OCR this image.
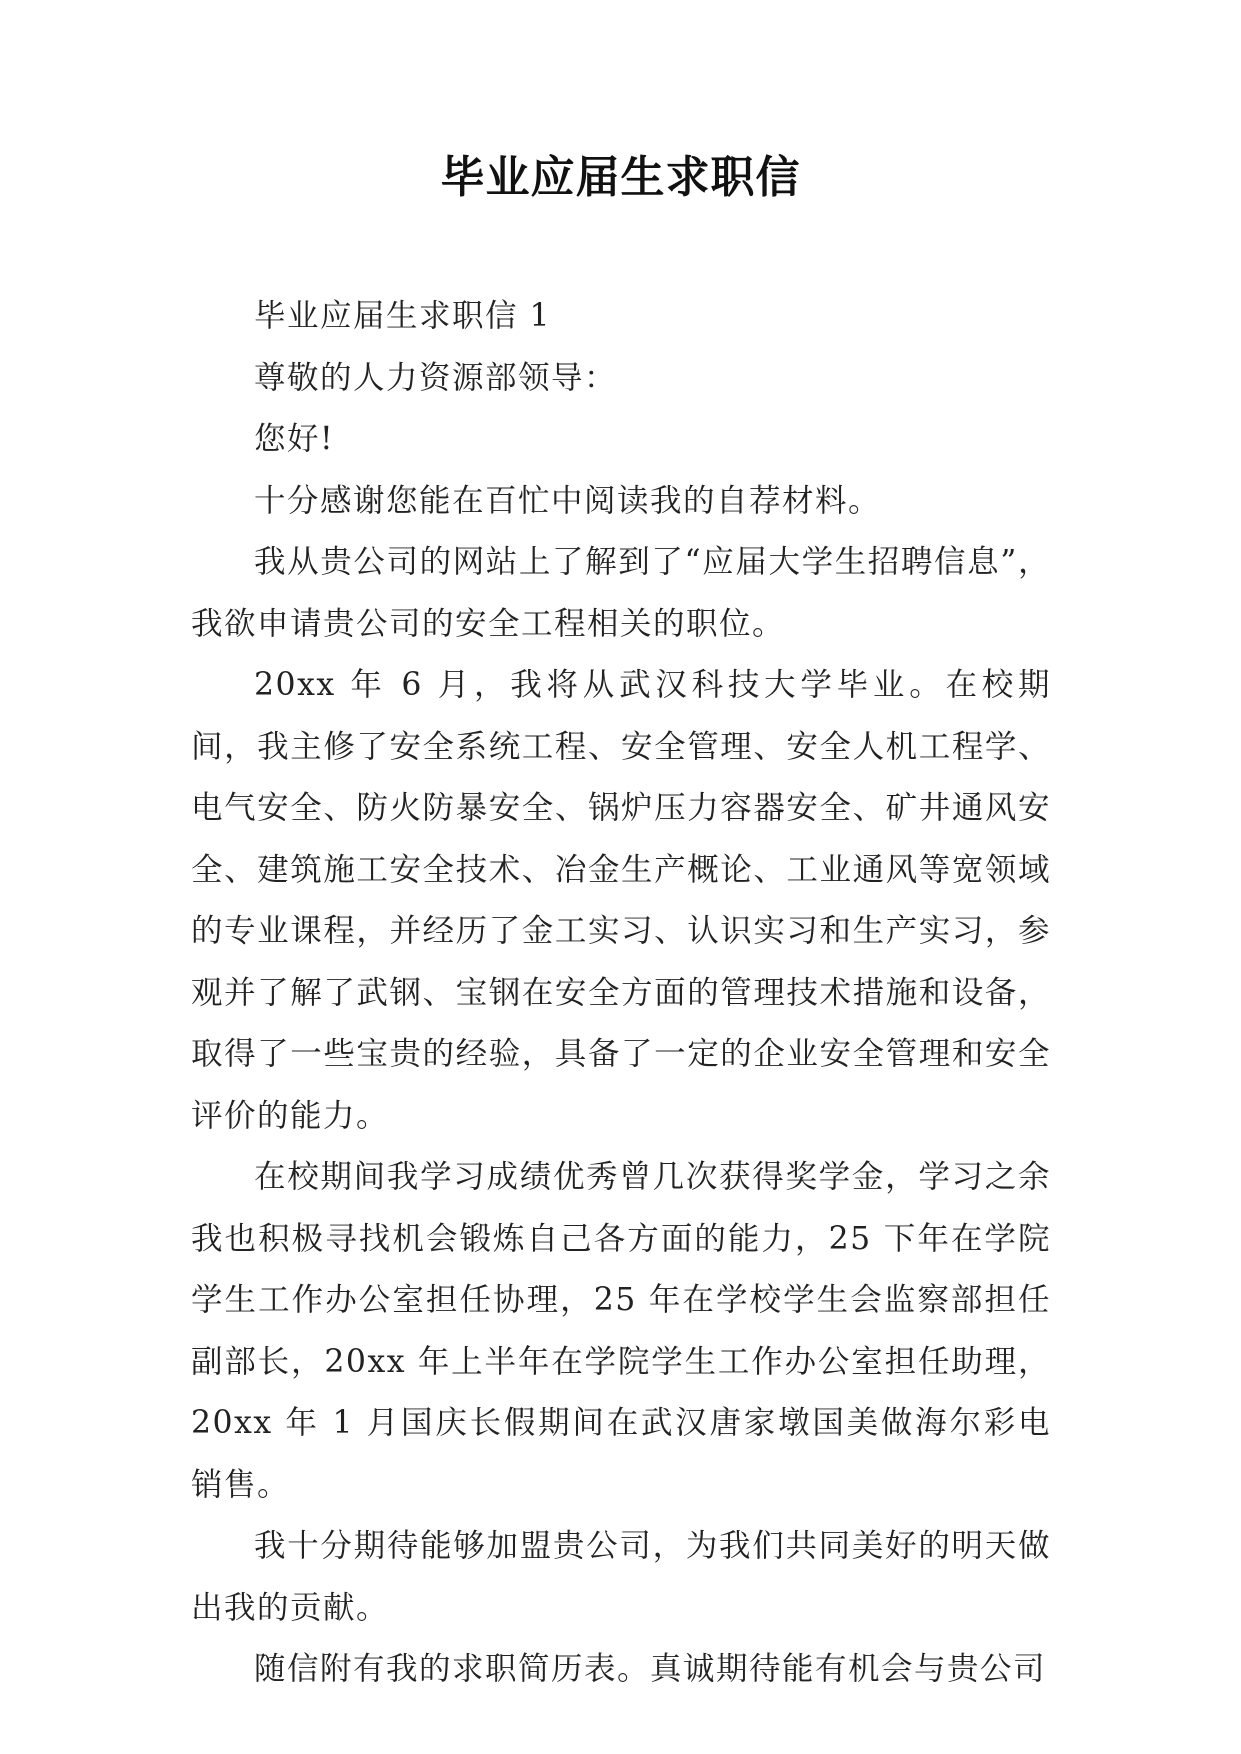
毕业应届生求职信

毕业应届生求职信 1

尊敬的人力资源部领导：

您好!

十分感谢您能在百忙中阅读我的自荐材料。

我从贵公司的网站上了解到了“应届大学生招聘信息”，我欲申请贵公司的安全工程相关的职位。

20xx 年 6 月，我将从武汉科技大学毕业。在校期间，我主修了安全系统工程、安全管理、安全人机工程学、电气安全、防火防暴安全、锅炉压力容器安全、矿井通风安全、建筑施工安全技术、冶金生产概论、工业通风等宽领域的专业课程，并经历了金工实习、认识实习和生产实习，参观并了解了武钢、宝钢在安全方面的管理技术措施和设备，取得了一些宝贵的经验，具备了一定的企业安全管理和安全评价的能力。

在校期间我学习成绩优秀曾几次获得奖学金，学习之余我也积极寻找机会锻炼自己各方面的能力，25 下年在学院学生工作办公室担任协理，25 年在学校学生会监察部担任副部长，20xx 年上半年在学院学生工作办公室担任助理，20xx 年 1 月国庆长假期间在武汉唐家墩国美做海尔彩电销售。

我十分期待能够加盟贵公司，为我们共同美好的明天做出我的贡献。

随信附有我的求职简历表。真诚期待能有机会与贵公司
